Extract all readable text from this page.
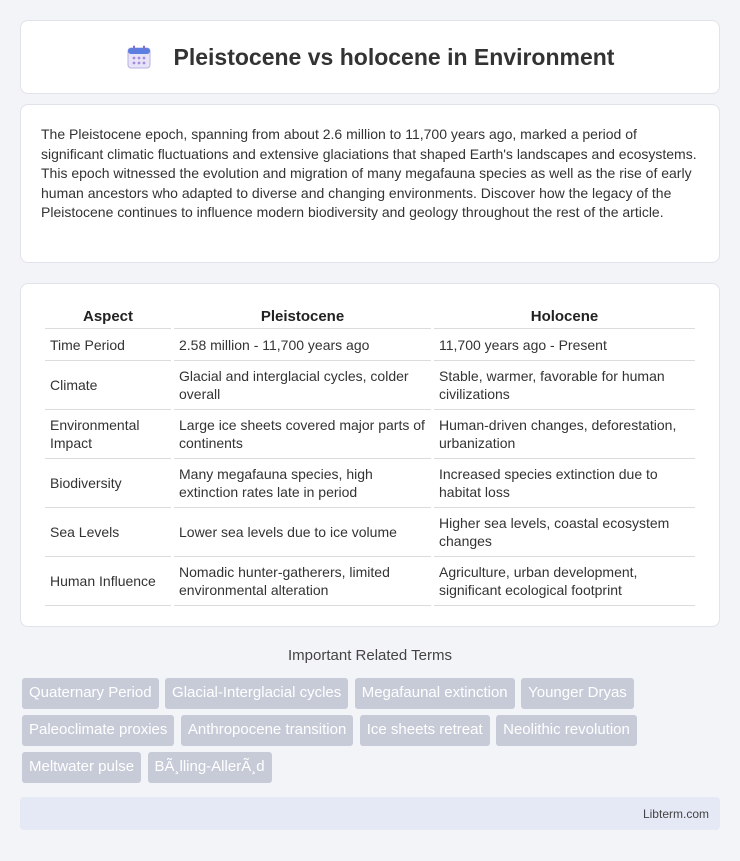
Pleistocene vs holocene in Environment

The Pleistocene epoch, spanning from about 2.6 million to 11,700 years ago, marked a period of significant climatic fluctuations and extensive glaciations that shaped Earth's landscapes and ecosystems. This epoch witnessed the evolution and migration of many megafauna species as well as the rise of early human ancestors who adapted to diverse and changing environments. Discover how the legacy of the Pleistocene continues to influence modern biodiversity and geology throughout the rest of the article.

Aspect	Pleistocene	Holocene
Time Period	2.58 million - 11,700 years ago	11,700 years ago - Present
Climate	Glacial and interglacial cycles, colder overall	Stable, warmer, favorable for human civilizations
Environmental Impact	Large ice sheets covered major parts of continents	Human-driven changes, deforestation, urbanization
Biodiversity	Many megafauna species, high extinction rates late in period	Increased species extinction due to habitat loss
Sea Levels	Lower sea levels due to ice volume	Higher sea levels, coastal ecosystem changes
Human Influence	Nomadic hunter-gatherers, limited environmental alteration	Agriculture, urban development, significant ecological footprint
Important Related Terms
Quaternary Period Glacial-Interglacial cycles Megafaunal extinction Younger Dryas Paleoclimate proxies Anthropocene transition Ice sheets retreat Neolithic revolution Meltwater pulse BÃ¸lling-AllerÃ¸d
Libterm.com
